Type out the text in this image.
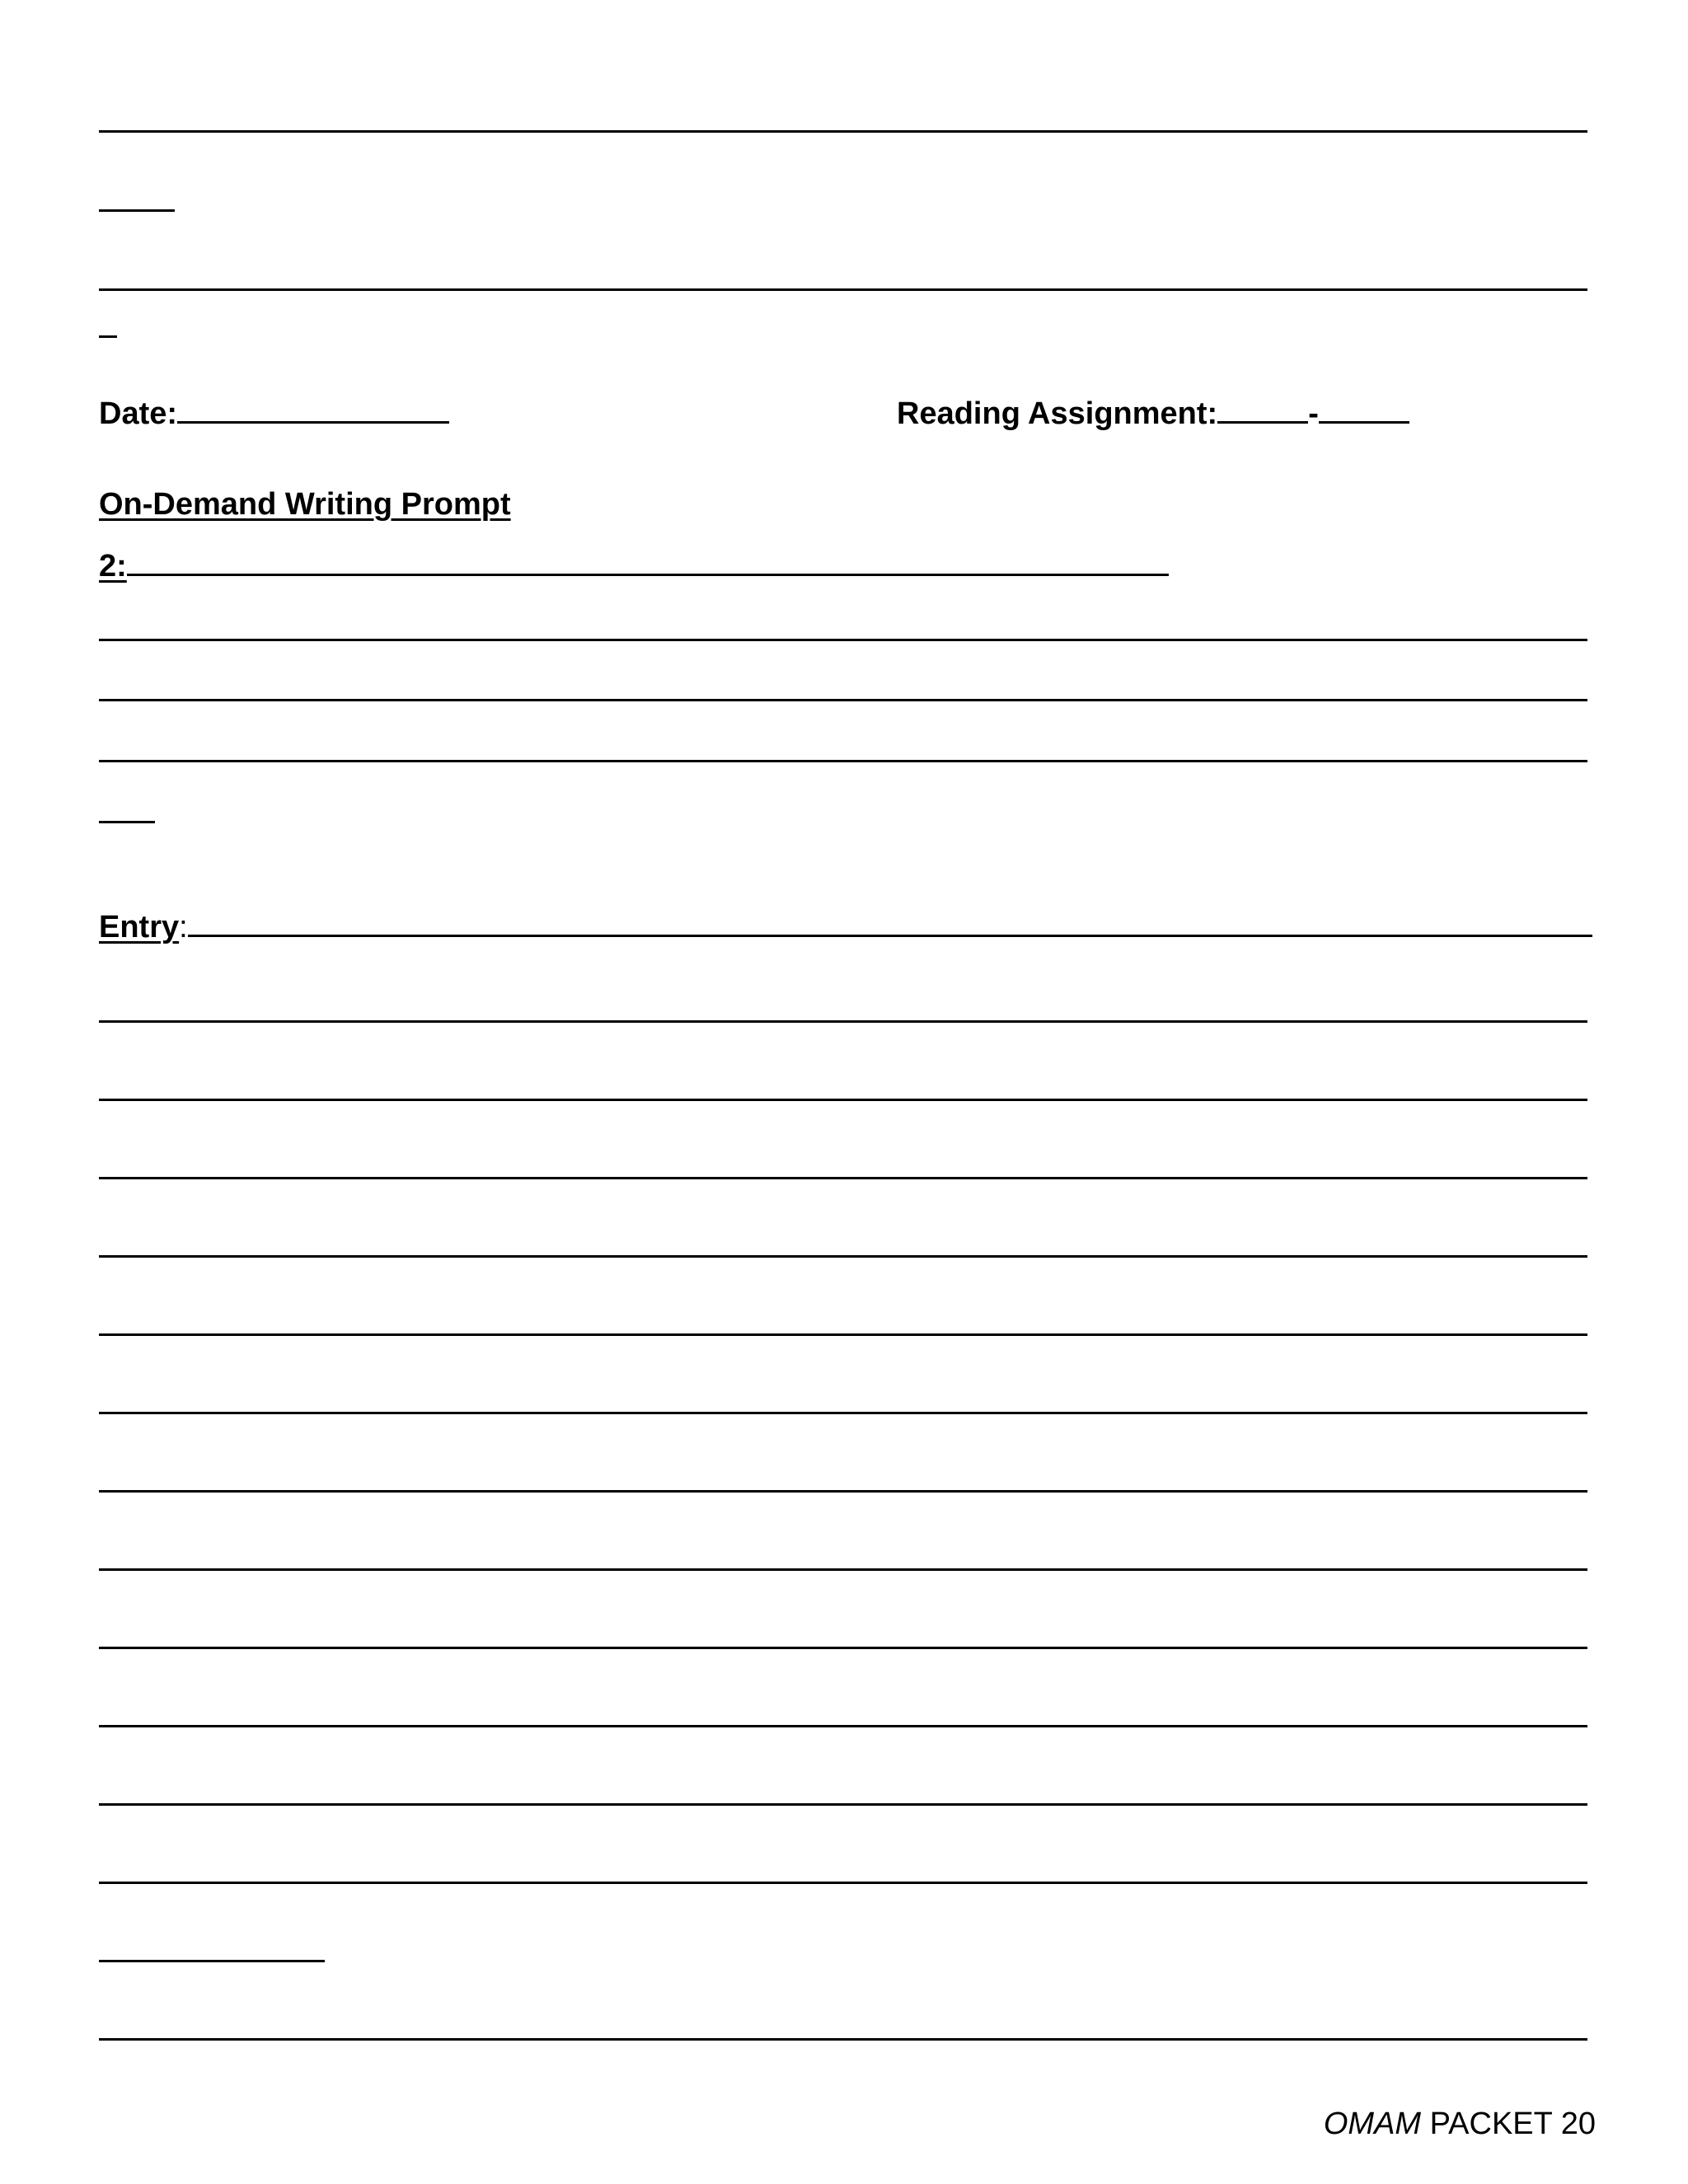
Date:	Reading Assignment:	-
On-Demand Writing Prompt
2:
Entry:
OMAM PACKET 20
